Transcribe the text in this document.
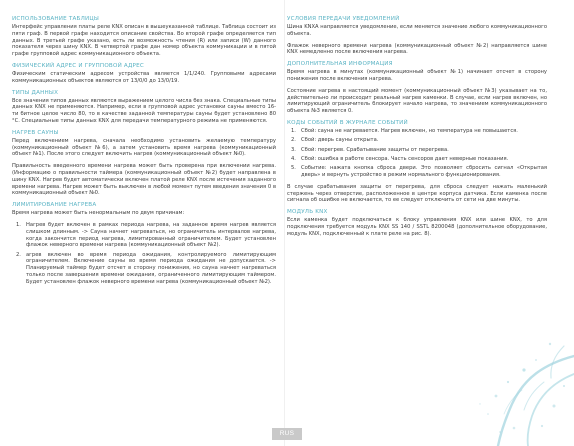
ИСПОЛЬЗОВАНИЕ ТАБЛИЦЫ
Интерфейс управления платы реле KNX описан в вышеуказанной таблице. Таблица состоит из пяти граф. В первой графе находится описание свойства. Во второй графе определяется тип данных. В третьей графе указано, есть ли возможность чтения (R) или записи (W) данного показателя через шину KNX. В четвертой графе дан номер объекта коммуникации и в пятой графе групповой адрес коммуникационного объекта.
ФИЗИЧЕСКИЙ АДРЕС И ГРУППОВОЙ АДРЕС
Физическим статическим адресом устройства является 1/1/240. Групповыми адресами коммуникационных объектов являются от 13/0/0 до 13/0/19.
ТИПЫ ДАННЫХ
Все значения типов данных являются выражением целого числа без знака. Специальные типы данных KNX не применяются. Например, если в групповой адрес установки сауны вместо 16-ти битное целое число 80, то в качестве заданной температуры сауны будет установлено 80 °C. Специальные типы данных KNX для передачи температурного режима не применяются.
НАГРЕВ САУНЫ
Перед включением нагрева, сначала необходимо установить желаемую температуру (коммуникационный объект №6), а затем установить время нагрева (коммуникационный объект №1). После этого следует включить нагрев (коммуникационный объект №0).
Правильность введенного времени нагрева может быть проверена при включении нагрева. (Информацию о правильности таймера (коммуникационный объект №2) будет направлена в шину KNX. Нагрев будет автоматически включен платой реле KNX после истечения заданного времени нагрева. Нагрев может быть выключен в любой момент путем введения значения 0 в коммуникационный объект №0.
ЛИМИТИРОВАНИЕ НАГРЕВА
Время нагрева может быть ненормальным по двум причинам:
1. Нагрев будет включен в рамках периода нагрева, на заданное время нагрев является слишком длинным. -> Сауна начнет нагреваться, но ограничитель интервалов нагрева, когда закончится период нагрева, лимитированный ограничителем. Будет установлен флажок неверного времени нагрева (коммуникационный объект №2).
2. агрев включен во время периода ожидания, контролируемого лимитирующим ограничителем. Включение сауны во время периода ожидания не допускается. -> Планируемый таймер будет отсчет в сторону понижения, но сауна начнет нагреваться только после завершения времени ожидания, ограниченного лимитирующим таймером. Будет установлен флажок неверного времени нагрева (коммуникационный объект №2).
УСЛОВИЯ ПЕРЕДАЧИ УВЕДОМЛЕНИЙ
Шина KNXA направляется уведомление, если меняется значение любого коммуникационного объекта.
Флажок неверного времени нагрева (коммуникационный объект №2) направляется шине KNX немедленно после включения нагрева.
ДОПОЛНИТЕЛЬНАЯ ИНФОРМАЦИЯ
Время нагрева в минутах (коммуникационный объект №1) начинает отсчет в сторону понижения после включения нагрева.
Состояние нагрева в настоящий момент (коммуникационный объект №3) указывает на то, действительно ли происходит реальный нагрев каменки. В случае, если нагрев включен, но лимитирующий ограничитель блокирует начало нагрева, то значением коммуникационного объекта №3 является 0.
КОДЫ СОБЫТИЙ В ЖУРНАЛЕ СОБЫТИЙ
1. Сбой: сауна не нагревается. Нагрев включен, но температура не повышается.
2. Сбой: дверь сауны открыта.
3. Сбой: перегрев. Срабатывание защиты от перегрева.
4. Сбой: ошибка в работе сенсора. Часть сенсоров дает неверные показания.
5. Событие: нажата кнопка сброса двери. Это позволяет сбросить сигнал «Открытая дверь» и вернуть устройство в режим нормального функционирования.
В случае срабатывания защиты от перегрева, для сброса следует нажать маленький стержень через отверстие, расположенное в центре корпуса датчика. Если каменка после сигнала об ошибке не включается, то ее следует отключить от сети на две минуты.
МОДУЛЬ KNX
Если каменка будет подключаться к блоку управления KNX или шине KNX, то для подключения требуется модуль KNX SS 140 / SSTL 8200048 (дополнительное оборудование, модуль KNX, подключенный к плате реле на рис. 8).
RUS
